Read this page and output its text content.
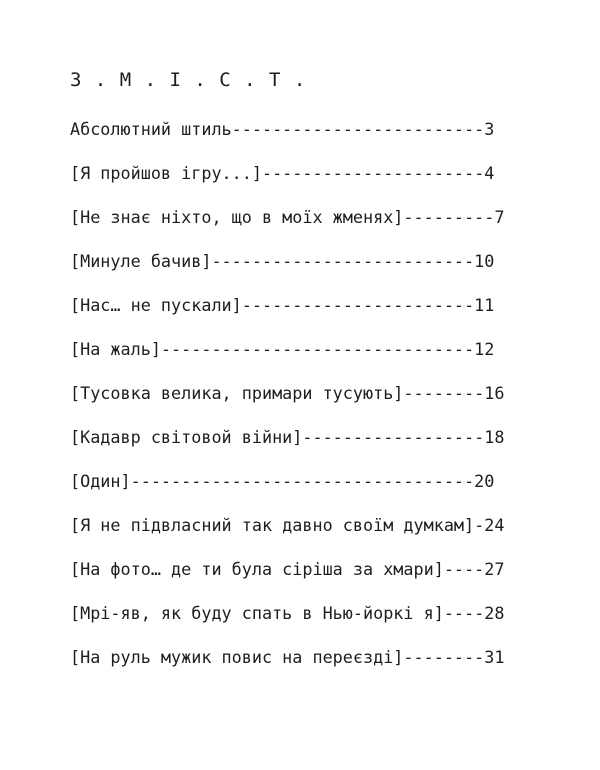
З . М . І . С . Т .
Абсолютний штиль-------------------------3
[Я пройшов ігру...]----------------------4
[Не знає ніхто, що в моїх жменях]---------7
[Минуле бачив]--------------------------10
[Нас… не пускали]-----------------------11
[На жаль]-------------------------------12
[Тусовка велика, примари тусують]--------16
[Кадавр світовой війни]------------------18
[Один]----------------------------------20
[Я не підвласний так давно своїм думкам]-24
[На фото… де ти була сіріша за хмари]----27
[Мрі-яв, як буду спать в Нью-йоркі я]----28
[На руль мужик повис на переєзді]--------31
